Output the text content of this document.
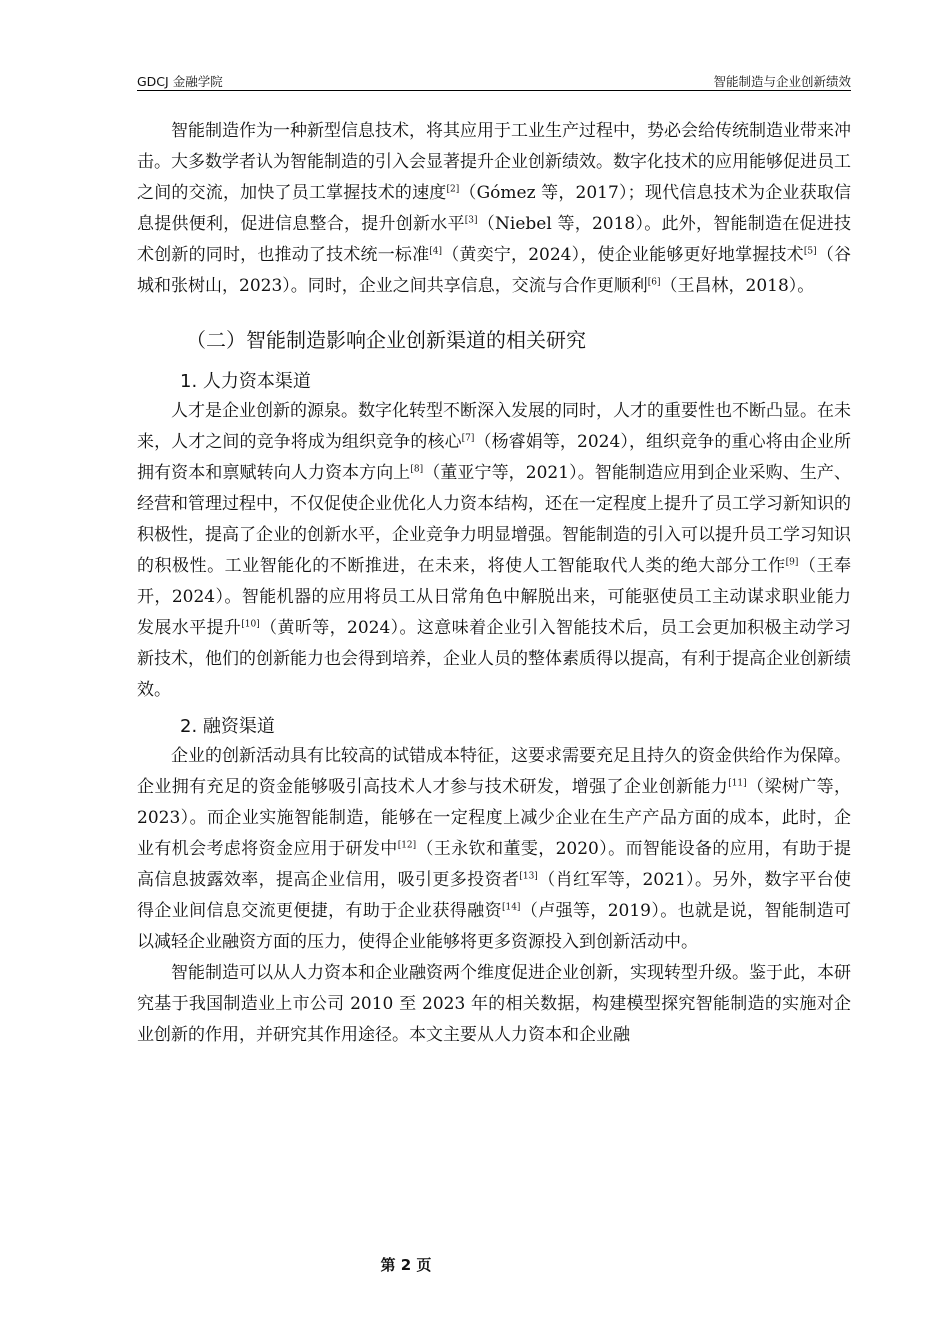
GDCJ 金融学院	智能制造与企业创新绩效

智能制造作为一种新型信息技术，将其应用于工业生产过程中，势必会给传统制造业带来冲击。大多数学者认为智能制造的引入会显著提升企业创新绩效。数字化技术的应用能够促进员工之间的交流，加快了员工掌握技术的速度[2]（Gómez 等，2017）；现代信息技术为企业获取信息提供便利，促进信息整合，提升创新水平[3]（Niebel 等，2018）。此外，智能制造在促进技术创新的同时，也推动了技术统一标准[4]（黄奕宁，2024），使企业能够更好地掌握技术[5]（谷城和张树山，2023）。同时，企业之间共享信息，交流与合作更顺利[6]（王昌林，2018）。

（二）智能制造影响企业创新渠道的相关研究
1. 人力资本渠道

人才是企业创新的源泉。数字化转型不断深入发展的同时，人才的重要性也不断凸显。在未来，人才之间的竞争将成为组织竞争的核心[7]（杨睿娟等，2024），组织竞争的重心将由企业所拥有资本和禀赋转向人力资本方向上[8]（董亚宁等，2021）。智能制造应用到企业采购、生产、经营和管理过程中，不仅促使企业优化人力资本结构，还在一定程度上提升了员工学习新知识的积极性，提高了企业的创新水平，企业竞争力明显增强。智能制造的引入可以提升员工学习知识的积极性。工业智能化的不断推进，在未来，将使人工智能取代人类的绝大部分工作[9]（王奉开，2024）。智能机器的应用将员工从日常角色中解脱出来，可能驱使员工主动谋求职业能力发展水平提升[10]（黄昕等，2024）。这意味着企业引入智能技术后，员工会更加积极主动学习新技术，他们的创新能力也会得到培养，企业人员的整体素质得以提高，有利于提高企业创新绩效。

2. 融资渠道

企业的创新活动具有比较高的试错成本特征，这要求需要充足且持久的资金供给作为保障。企业拥有充足的资金能够吸引高技术人才参与技术研发，增强了企业创新能力[11]（梁树广等，2023）。而企业实施智能制造，能够在一定程度上减少企业在生产产品方面的成本，此时，企业有机会考虑将资金应用于研发中[12]（王永钦和董雯，2020）。而智能设备的应用，有助于提高信息披露效率，提高企业信用，吸引更多投资者[13]（肖红军等，2021）。另外，数字平台使得企业间信息交流更便捷，有助于企业获得融资[14]（卢强等，2019）。也就是说，智能制造可以减轻企业融资方面的压力，使得企业能够将更多资源投入到创新活动中。

智能制造可以从人力资本和企业融资两个维度促进企业创新，实现转型升级。鉴于此，本研究基于我国制造业上市公司 2010 至 2023 年的相关数据，构建模型探究智能制造的实施对企业创新的作用，并研究其作用途径。本文主要从人力资本和企业融

第 2 页
